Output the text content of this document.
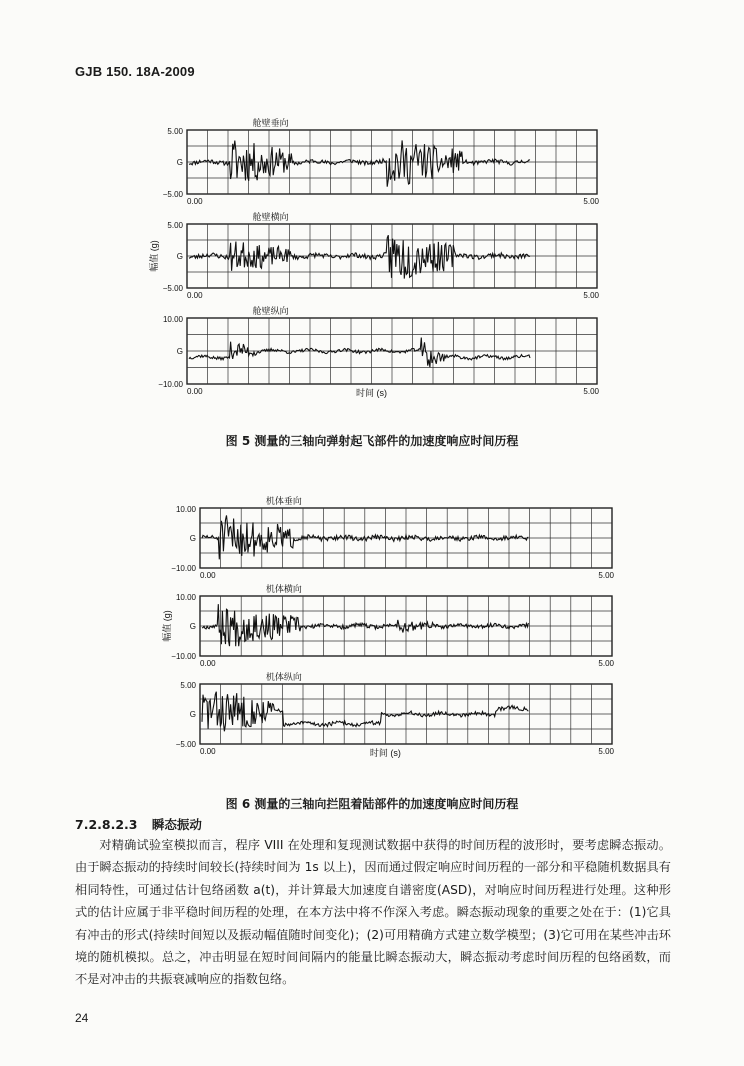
GJB 150. 18A-2009
舱壁垂向
5.00
G
−5.00
0.00	5.00
舱壁横向
5.00
G
−5.00
0.00	5.00
舱壁纵向
10.00
G
−10.00
0.00	5.00
幅值 (g)
时间 (s)
图 5 测量的三轴向弹射起飞部件的加速度响应时间历程
机体垂向
10.00
G
−10.00
0.00	5.00
机体横向
10.00
G
−10.00
0.00	5.00
机体纵向
5.00
G
−5.00
0.00	5.00
幅值 (g)
时间 (s)
图 6 测量的三轴向拦阻着陆部件的加速度响应时间历程
7.2.8.2.3 瞬态振动
对精确试验室模拟而言，程序 VIII 在处理和复现测试数据中获得的时间历程的波形时，要考虑瞬态振动。由于瞬态振动的持续时间较长(持续时间为 1s 以上)，因而通过假定响应时间历程的一部分和平稳随机数据具有相同特性，可通过估计包络函数 a(t)，并计算最大加速度自谱密度(ASD)，对响应时间历程进行处理。这种形式的估计应属于非平稳时间历程的处理，在本方法中将不作深入考虑。瞬态振动现象的重要之处在于：(1)它具有冲击的形式(持续时间短以及振动幅值随时间变化)；(2)可用精确方式建立数学模型；(3)它可用在某些冲击环境的随机模拟。总之，冲击明显在短时间间隔内的能量比瞬态振动大，瞬态振动考虑时间历程的包络函数，而不是对冲击的共振衰减响应的指数包络。
24
